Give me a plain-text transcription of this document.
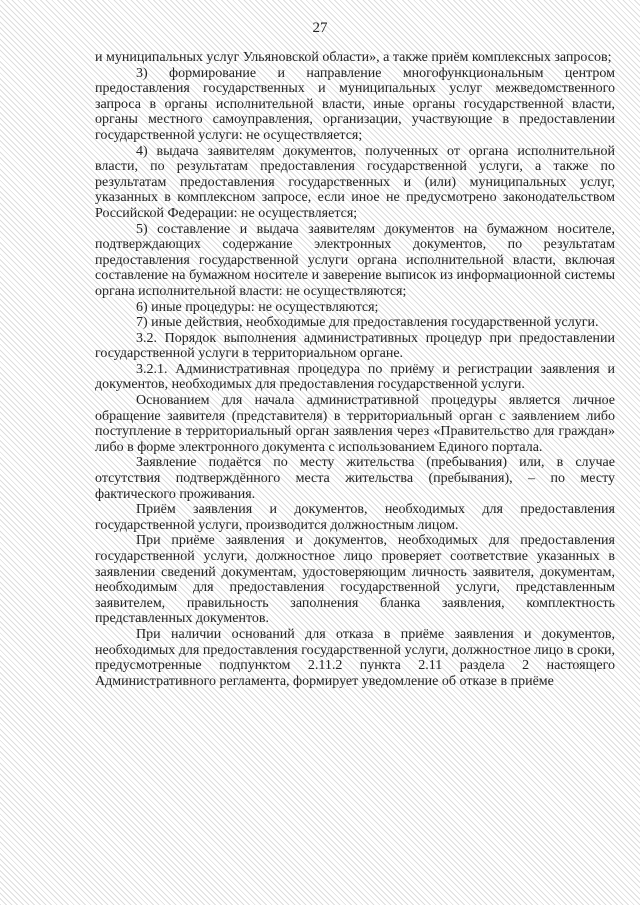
27

и муниципальных услуг Ульяновской области», а также приём комплексных запросов;

3) формирование и направление многофункциональным центром предоставления государственных и муниципальных услуг межведомственного запроса в органы исполнительной власти, иные органы государственной власти, органы местного самоуправления, организации, участвующие в предоставлении государственной услуги: не осуществляется;

4) выдача заявителям документов, полученных от органа исполнительной власти, по результатам предоставления государственной услуги, а также по результатам предоставления государственных и (или) муниципальных услуг, указанных в комплексном запросе, если иное не предусмотрено законодательством Российской Федерации: не осуществляется;

5) составление и выдача заявителям документов на бумажном носителе, подтверждающих содержание электронных документов, по результатам предоставления государственной услуги органа исполнительной власти, включая составление на бумажном носителе и заверение выписок из информационной системы органа исполнительной власти: не осуществляются;

6) иные процедуры: не осуществляются;

7) иные действия, необходимые для предоставления государственной услуги.

3.2. Порядок выполнения административных процедур при предоставлении государственной услуги в территориальном органе.

3.2.1. Административная процедура по приёму и регистрации заявления и документов, необходимых для предоставления государственной услуги.

Основанием для начала административной процедуры является личное обращение заявителя (представителя) в территориальный орган с заявлением либо поступление в территориальный орган заявления через «Правительство для граждан» либо в форме электронного документа с использованием Единого портала.

Заявление подаётся по месту жительства (пребывания) или, в случае отсутствия подтверждённого места жительства (пребывания), – по месту фактического проживания.

Приём заявления и документов, необходимых для предоставления государственной услуги, производится должностным лицом.

При приёме заявления и документов, необходимых для предоставления государственной услуги, должностное лицо проверяет соответствие указанных в заявлении сведений документам, удостоверяющим личность заявителя, документам, необходимым для предоставления государственной услуги, представленным заявителем, правильность заполнения бланка заявления, комплектность представленных документов.

При наличии оснований для отказа в приёме заявления и документов, необходимых для предоставления государственной услуги, должностное лицо в сроки, предусмотренные подпунктом 2.11.2 пункта 2.11 раздела 2 настоящего Административного регламента, формирует уведомление об отказе в приёме
